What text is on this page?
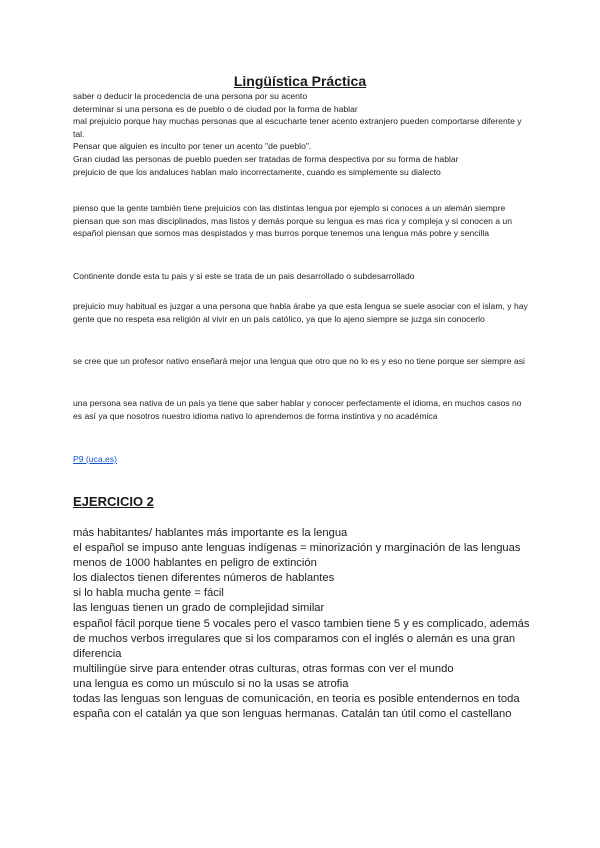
Lingüística Práctica

saber o deducir la procedencia de una persona por su acento

determinar si una persona es de pueblo o de ciudad por la forma de hablar

mal prejuicio porque hay muchas personas que al escucharte tener acento extranjero pueden comportarse diferente y tal.

Pensar que alguien es inculto por tener un acento "de pueblo".

Gran ciudad las personas de pueblo pueden ser tratadas de forma despectiva por su forma de hablar

prejuicio de que los andaluces hablan malo incorrectamente, cuando es simplemente su dialecto

pienso que la gente también tiene prejuicios con las distintas lengua por ejemplo si conoces a un alemán siempre piensan que son mas disciplinados, mas listos y demás porque su lengua es mas rica y compleja y si conocen a un español piensan que somos mas despistados y mas burros porque tenemos una lengua más pobre y sencilla

Continente donde esta tu pais y si este se trata de un pais desarrollado o subdesarrollado

prejuicio muy habitual es juzgar a una persona que habla árabe ya que esta lengua se suele asociar con el islam, y hay gente que no respeta esa religión al vivir en un país católico, ya que lo ajeno siempre se juzga sin conocerlo

se cree que un profesor nativo enseñará mejor una lengua que otro que no lo es y eso no tiene porque ser siempre asi

una persona sea nativa de un país ya tiene que saber hablar y conocer perfectamente el idioma, en muchos casos no es así ya que nosotros nuestro idioma nativo lo aprendemos de forma instintiva y no académica

P9 (uca.es)
EJERCICIO 2

más habitantes/ hablantes más importante es la lengua

el español se impuso ante lenguas indígenas = minorización y marginación de las lenguas

menos de 1000 hablantes en peligro de extinción

los dialectos tienen diferentes números de hablantes

si lo habla mucha gente = fácil

las lenguas tienen un grado de complejidad similar

español fácil porque tiene 5 vocales pero el vasco tambien tiene 5 y es complicado, además de muchos verbos irregulares que si los comparamos con el inglés o alemán es una gran diferencia

multilingüe sirve para entender otras culturas, otras formas con ver el mundo

una lengua es como un músculo si no la usas se atrofia

todas las lenguas son lenguas de comunicación, en teoria es posible entendernos en toda españa con el catalán ya que son lenguas hermanas. Catalán tan útil como el castellano
